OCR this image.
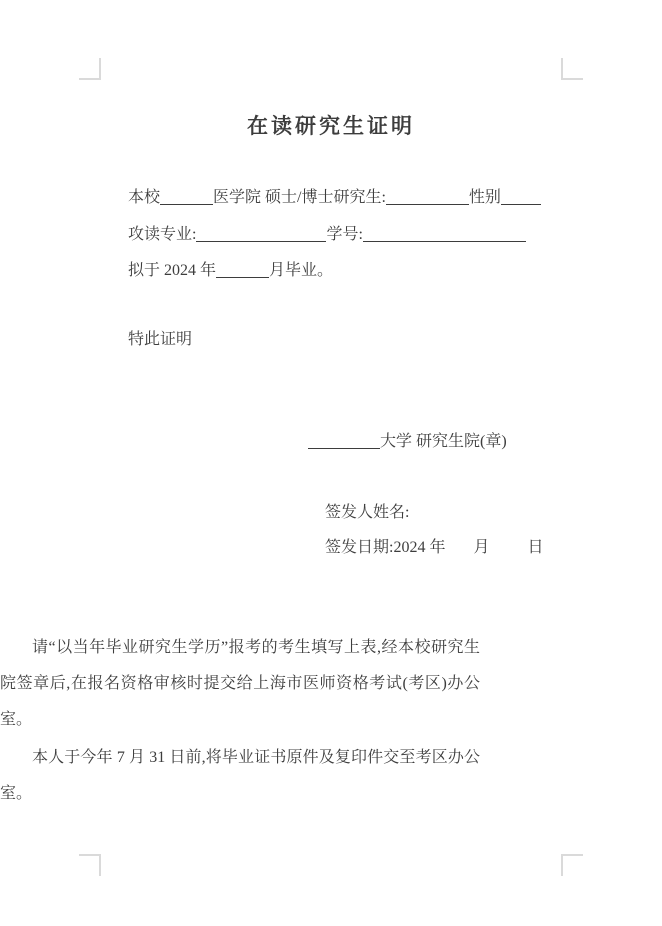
在读研究生证明
本校	医学院 硕士/博士研究生:	性别
攻读专业:	学号:
拟于 2024 年	月毕业。
特此证明
大学 研究生院(章)
签发人姓名:
签发日期:2024 年 月 日

请“以当年毕业研究生学历”报考的考生填写上表,经本校研究生院签章后,在报名资格审核时提交给上海市医师资格考试(考区)办公室。

本人于今年 7 月 31 日前,将毕业证书原件及复印件交至考区办公室。
